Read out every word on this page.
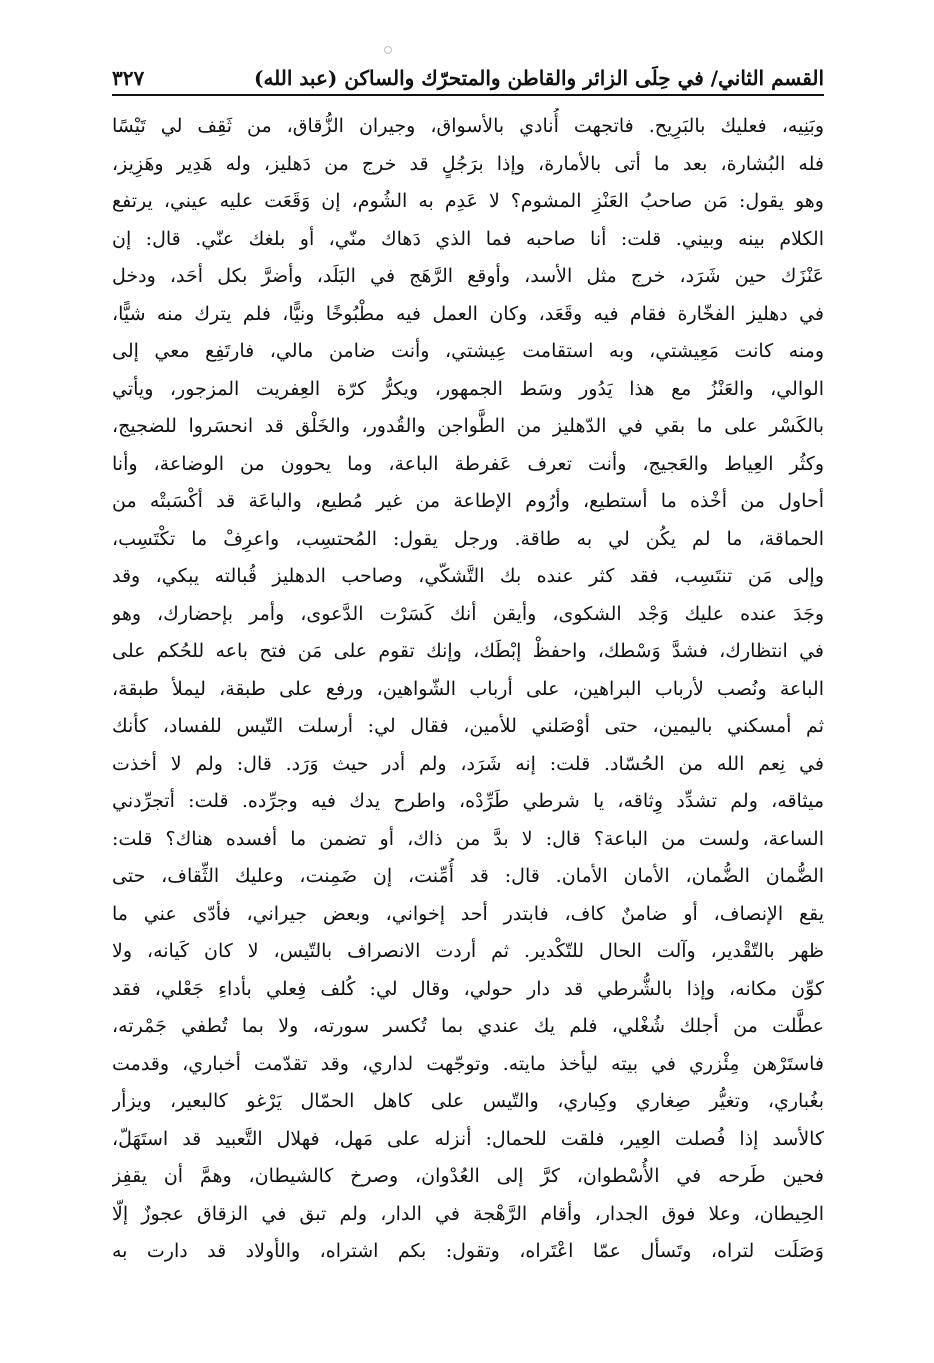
القسم الثاني/ في حِلَى الزائر والقاطن والمتحرّك والساكن (عبد الله)
٣٢٧
وبَنِيه، فعليك بالبَرِيح. فاتجهت أُنادي بالأسواق، وجيران الزُّقاق، من ثَقِف لي تَيْسًا
فله البُشارة، بعد ما أتى بالأمارة، وإذا برَجُلٍ قد خرج من دَهليز، وله هَدِير وهَزِيز،
وهو يقول: مَن صاحبُ العَنْزِ المشوم؟ لا عَدِم به الشُوم، إن وَقَعَت عليه عيني، يرتفع
الكلام بينه وبيني. قلت: أنا صاحبه فما الذي دَهاك منّي، أو بلغك عنّي. قال: إن
عَنْزَك حين شَرَد، خرج مثل الأسد، وأوقع الرَّهَج في البَلَد، وأضرَّ بكل أحَد، ودخل
في دهليز الفخّارة فقام فيه وقَعَد، وكان العمل فيه مطْبُوخًا ونيًّا، فلم يترك منه شيًّا،
ومنه كانت مَعِيشتي، وبه استقامت عِيشتي، وأنت ضامن مالي، فارتَفِع معي إلى
الوالي، والعَنْزُ مع هذا يَدُور وسَط الجمهور، ويكرُّ كرّة العِفريت المزجور، ويأتي
بالكَسْر على ما بقي في الدّهليز من الطَّواجن والقُدور، والخَلْق قد انحسَروا للضجيج،
وكثُر العِياط والعَجيج، وأنت تعرف عَفرطة الباعة، وما يحوون من الوضاعة، وأنا
أحاول من أخْذه ما أستطيع، وأرُوم الإطاعة من غير مُطيع، والباعَة قد أكْسَبتْه من
الحماقة، ما لم يكُن لي به طاقة. ورجل يقول: المُحتسِب، واعرِفْ ما تكْتَسِب،
وإلى مَن تنتَسِب، فقد كثر عنده بك التَّشكّي، وصاحب الدهليز قُبالته يبكي، وقد
وجَدَ عنده عليك وَجْد الشكوى، وأيقن أنك كَسَرْت الدَّعوى، وأمر بإحضارك، وهو
في انتظارك، فشدَّ وَسْطك، واحفظْ إبْطَك، وإنك تقوم على مَن فتح باعه للحُكم على
الباعة ونُصب لأرباب البراهين، على أرباب الشّواهين، ورفع على طبقة، ليملأ طبقة،
ثم أمسكني باليمين، حتى أوْصَلني للأمين، فقال لي: أرسلت التّيس للفساد، كأنك
في نِعم الله من الحُسّاد. قلت: إنه شَرَد، ولم أدر حيث وَرَد. قال: ولم لا أخذت
ميثاقه، ولم تشدِّد وِثاقه، يا شرطي طَرِّدْه، واطرح يدك فيه وجرِّده. قلت: أتجرِّدني
الساعة، ولست من الباعة؟ قال: لا بدَّ من ذاك، أو تضمن ما أفسده هناك؟ قلت:
الضُّمان الضُّمان، الأمان الأمان. قال: قد أُمِّنت، إن ضَمِنت، وعليك الثِّقاف، حتى
يقع الإنصاف، أو ضامنٌ كاف، فابتدر أحد إخواني، وبعض جيراني، فأدّى عني ما
ظهر بالتّقْدير، وآلت الحال للتّكْدير. ثم أردت الانصراف بالتّيس، لا كان كَيانه، ولا
كوِّن مكانه، وإذا بالشُّرطي قد دار حولي، وقال لي: كُلف فِعلي بأداءِ جَعْلي، فقد
عطَّلت من أجلك شُغْلي، فلم يك عندي بما تُكسر سورته، ولا بما تُطفي جَمْرته،
فاستَرْهن مِئْزري في بيته ليأخذ مايته. وتوجّهت لداري، وقد تقدّمت أخباري، وقدمت
بغُباري، وتغيُّر صِغاري وكِباري، والتّيس على كاهل الحمّال يَرْغو كالبعير، ويزأر
كالأسد إذا فُصلت العِير، فلقت للحمال: أنزله على مَهل، فهلال التَّعبيد قد استَهَلّ،
فحين طَرحه في الأُسْطوان، كرَّ إلى العُدْوان، وصرخ كالشيطان، وهمَّ أن يقفِز
الحِيطان، وعلا فوق الجدار، وأقام الرَّهْجة في الدار، ولم تبق في الزقاق عجوزٌ إلّا
وَصَلَت لتراه، وتَسأل عمّا اعْتَراه، وتقول: بكم اشتراه، والأولاد قد دارت به
